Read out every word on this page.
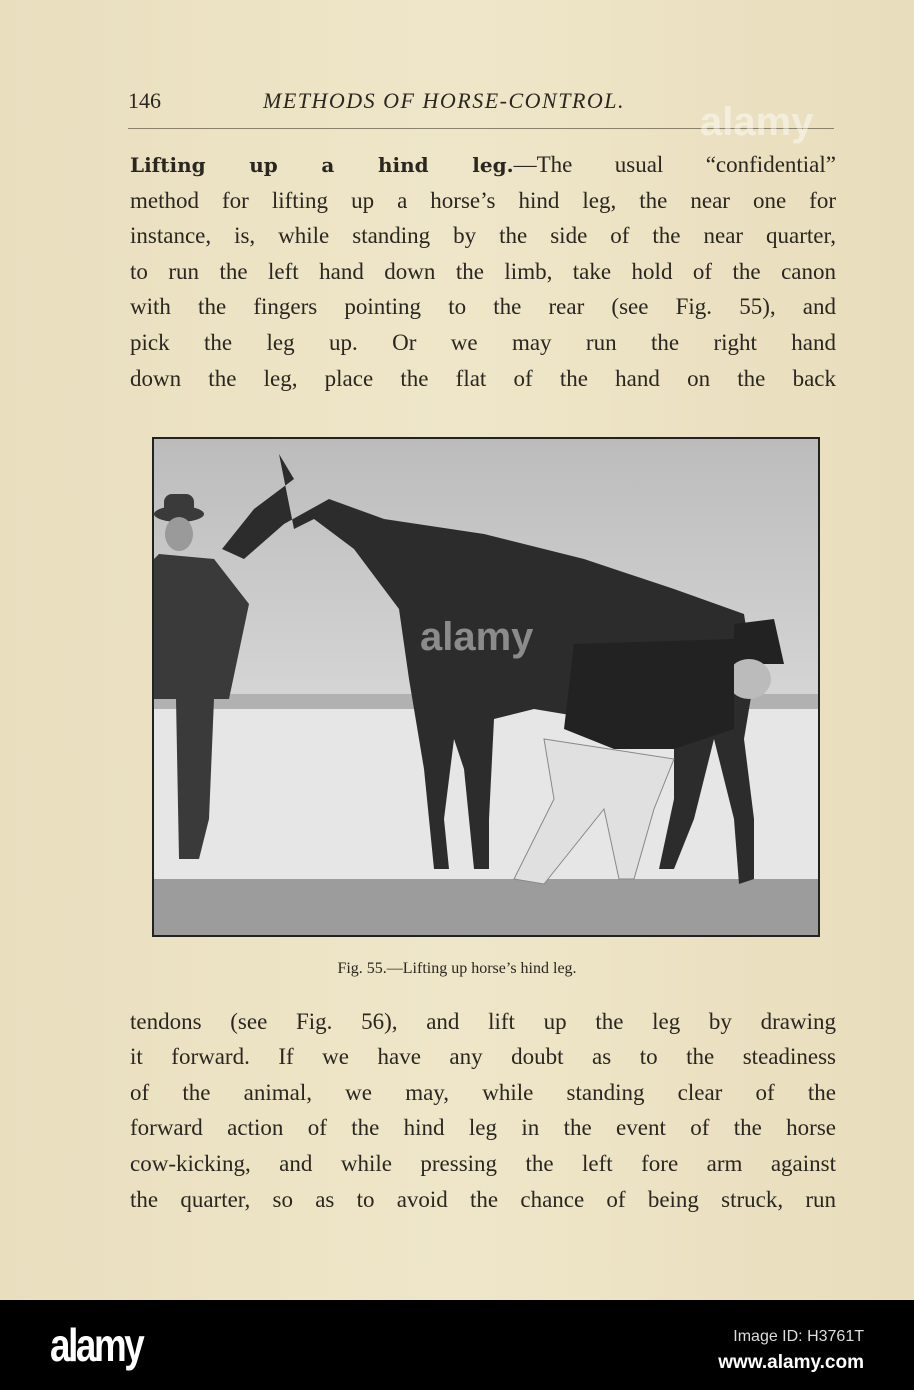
146	METHODS OF HORSE-CONTROL.
Lifting up a hind leg.—The usual “confidential”
method for lifting up a horse’s hind leg, the near one for
instance, is, while standing by the side of the near quarter,
to run the left hand down the limb, take hold of the canon
with the fingers pointing to the rear (see Fig. 55), and
pick the leg up. Or we may run the right hand
down the leg, place the flat of the hand on the back
Fig. 55.—Lifting up horse’s hind leg.
tendons (see Fig. 56), and lift up the leg by drawing
it forward. If we have any doubt as to the steadiness
of the animal, we may, while standing clear of the
forward action of the hind leg in the event of the horse
cow-kicking, and while pressing the left fore arm against
the quarter, so as to avoid the chance of being struck, run
alamy
alamy
alamy	Image ID: H3761T
www.alamy.com
